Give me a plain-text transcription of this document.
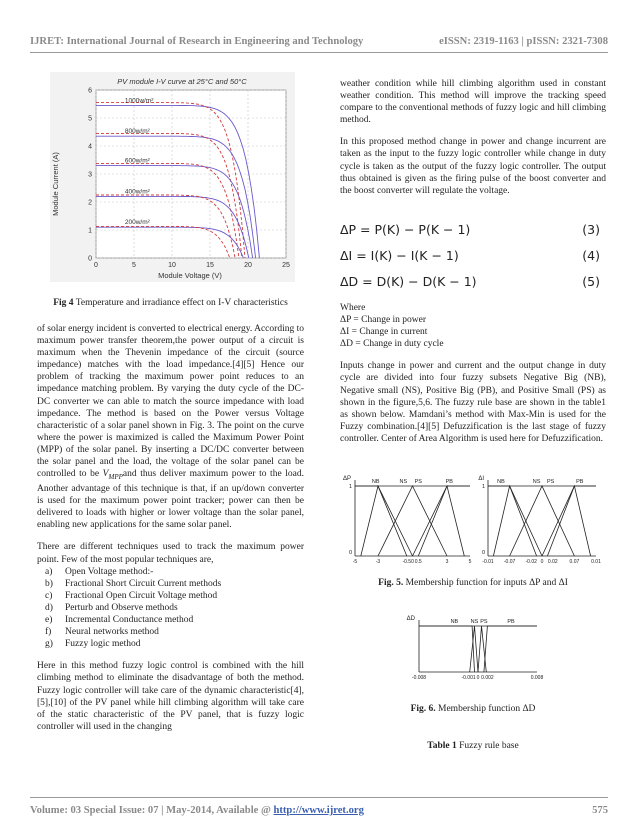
IJRET: International Journal of Research in Engineering and Technology	eISSN: 2319-1163 | pISSN: 2321-7308
PV module I-V curve at 25°C and 50°C
0	5	10	15	20	25
0
1
2
3
4
5
6
1000w/m²
800w/m²
600w/m²
400w/m²
200w/m²
Module Voltage (V)
Module Current (A)
Fig 4 Temperature and irradiance effect on I-V characteristics

of solar energy incident is converted to electrical energy. According to maximum power transfer theorem,the power output of a circuit is maximum when the Thevenin impedance of the circuit (source impedance) matches with the load impedance.[4][5] Hence our problem of tracking the maximum power point reduces to an impedance matching problem. By varying the duty cycle of the DC-DC converter we can able to match the source impedance with load impedance. The method is based on the Power versus Voltage characteristic of a solar panel shown in Fig. 3. The point on the curve where the power is maximized is called the Maximum Power Point (MPP) of the solar panel. By inserting a DC/DC converter between the solar panel and the load, the voltage of the solar panel can be controlled to be $V_{MPP}and$ thus deliver maximum power to the load. Another advantage of this technique is that, if an up/down converter is used for the maximum power point tracker; power can then be delivered to loads with higher or lower voltage than the solar panel, enabling new applications for the same solar panel.

There are different techniques used to track the maximum power point. Few of the most popular techniques are,

a) Open Voltage method:-
b) Fractional Short Circuit Current methods
c) Fractional Open Circuit Voltage method
d) Perturb and Observe methods
e) Incremental Conductance method
f) Neural networks method
g) Fuzzy logic method

Here in this method fuzzy logic control is combined with the hill climbing method to eliminate the disadvantage of both the method. Fuzzy logic controller will take care of the dynamic characteristic[4],[5],[10] of the PV panel while hill climbing algorithm will take care of the static characteristic of the PV panel, that is fuzzy logic controller will used in the changing

weather condition while hill climbing algorithm used in constant weather condition. This method will improve the tracking speed compare to the conventional methods of fuzzy logic and hill climbing method.

In this proposed method change in power and change incurrent are taken as the input to the fuzzy logic controller while change in duty cycle is taken as the output of the fuzzy logic controller. The output thus obtained is given as the firing pulse of the boost converter and the boost converter will regulate the voltage.

ΔP = P(K) − P(K − 1)	(3)
ΔI = I(K) − I(K − 1)	(4)
ΔD = D(K) − D(K − 1)	(5)
Where
ΔP = Change in power
ΔI = Change in current
ΔD = Change in duty cycle

Inputs change in power and current and the output change in duty cycle are divided into four fuzzy subsets Negative Big (NB), Negative small (NS), Positive Big (PB), and Positive Small (PS) as shown in the figure,5,6. The fuzzy rule base are shown in the table1 as shown below. Mamdani’s method with Max-Min is used for the Fuzzy combination.[4][5] Defuzzification is the last stage of fuzzy controller. Center of Area Algorithm is used here for Defuzzification.

ΔP
1
0
NB	NS PS	PB
-5	-3	-0.5 0 0.5	3	5
ΔI
1
0
NB	NS PS	PB
-0.01 -0.07 -0.02 0 0.02 0.07 0.01
Fig. 5. Membership function for inputs ΔP and ΔI
ΔD	NB NS PS	PB
-0.008	-0.001 0 0.002	0.008
Fig. 6. Membership function ΔD
Table 1 Fuzzy rule base
Volume: 03 Special Issue: 07 | May-2014, Available @ http://www.ijret.org	575
